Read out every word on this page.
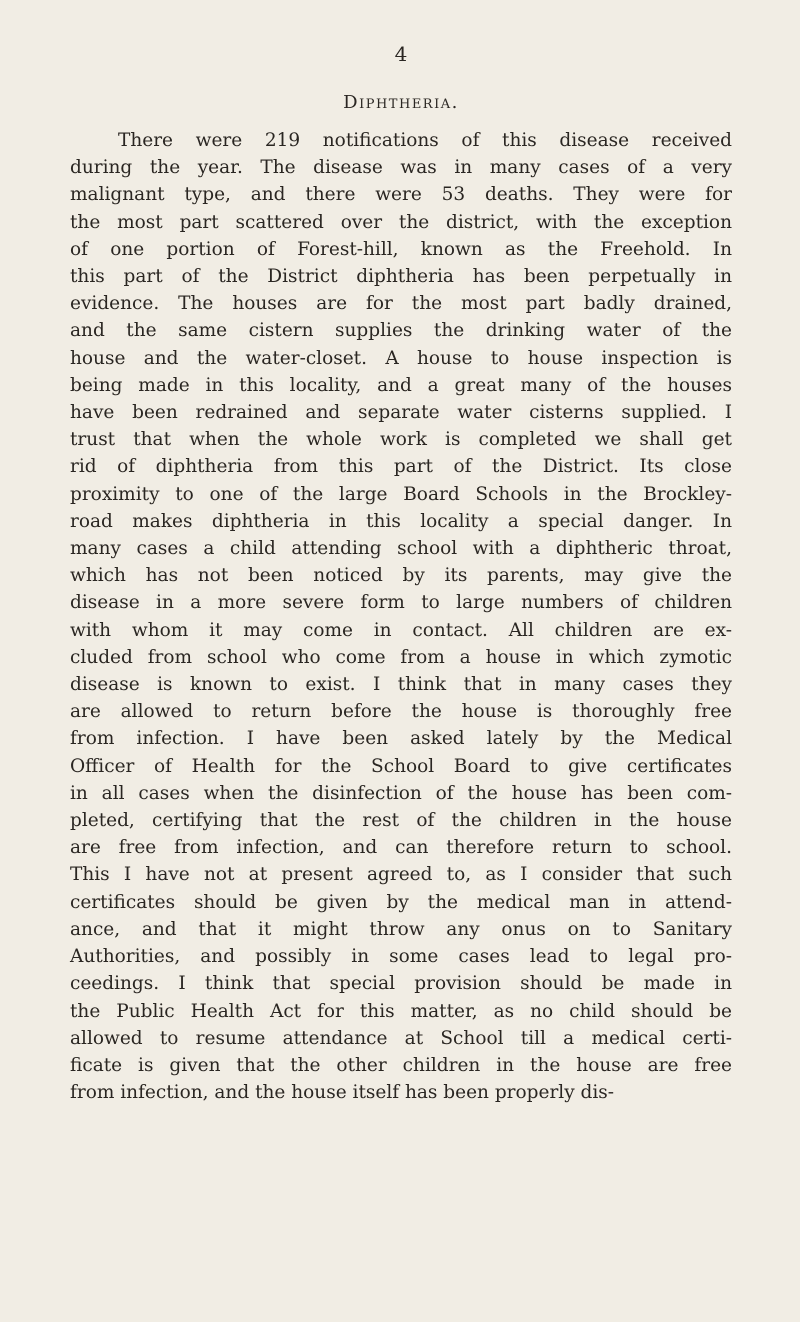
4
Diphtheria.
There were 219 notifications of this disease received
during the year. The disease was in many cases of a very
malignant type, and there were 53 deaths. They were for
the most part scattered over the district, with the exception
of one portion of Forest-hill, known as the Freehold. In
this part of the District diphtheria has been perpetually in
evidence. The houses are for the most part badly drained,
and the same cistern supplies the drinking water of the
house and the water-closet. A house to house inspection is
being made in this locality, and a great many of the houses
have been redrained and separate water cisterns supplied. I
trust that when the whole work is completed we shall get
rid of diphtheria from this part of the District. Its close
proximity to one of the large Board Schools in the Brockley-
road makes diphtheria in this locality a special danger. In
many cases a child attending school with a diphtheric throat,
which has not been noticed by its parents, may give the
disease in a more severe form to large numbers of children
with whom it may come in contact. All children are ex-
cluded from school who come from a house in which zymotic
disease is known to exist. I think that in many cases they
are allowed to return before the house is thoroughly free
from infection. I have been asked lately by the Medical
Officer of Health for the School Board to give certificates
in all cases when the disinfection of the house has been com-
pleted, certifying that the rest of the children in the house
are free from infection, and can therefore return to school.
This I have not at present agreed to, as I consider that such
certificates should be given by the medical man in attend-
ance, and that it might throw any onus on to Sanitary
Authorities, and possibly in some cases lead to legal pro-
ceedings. I think that special provision should be made in
the Public Health Act for this matter, as no child should be
allowed to resume attendance at School till a medical certi-
ficate is given that the other children in the house are free
from infection, and the house itself has been properly dis-
